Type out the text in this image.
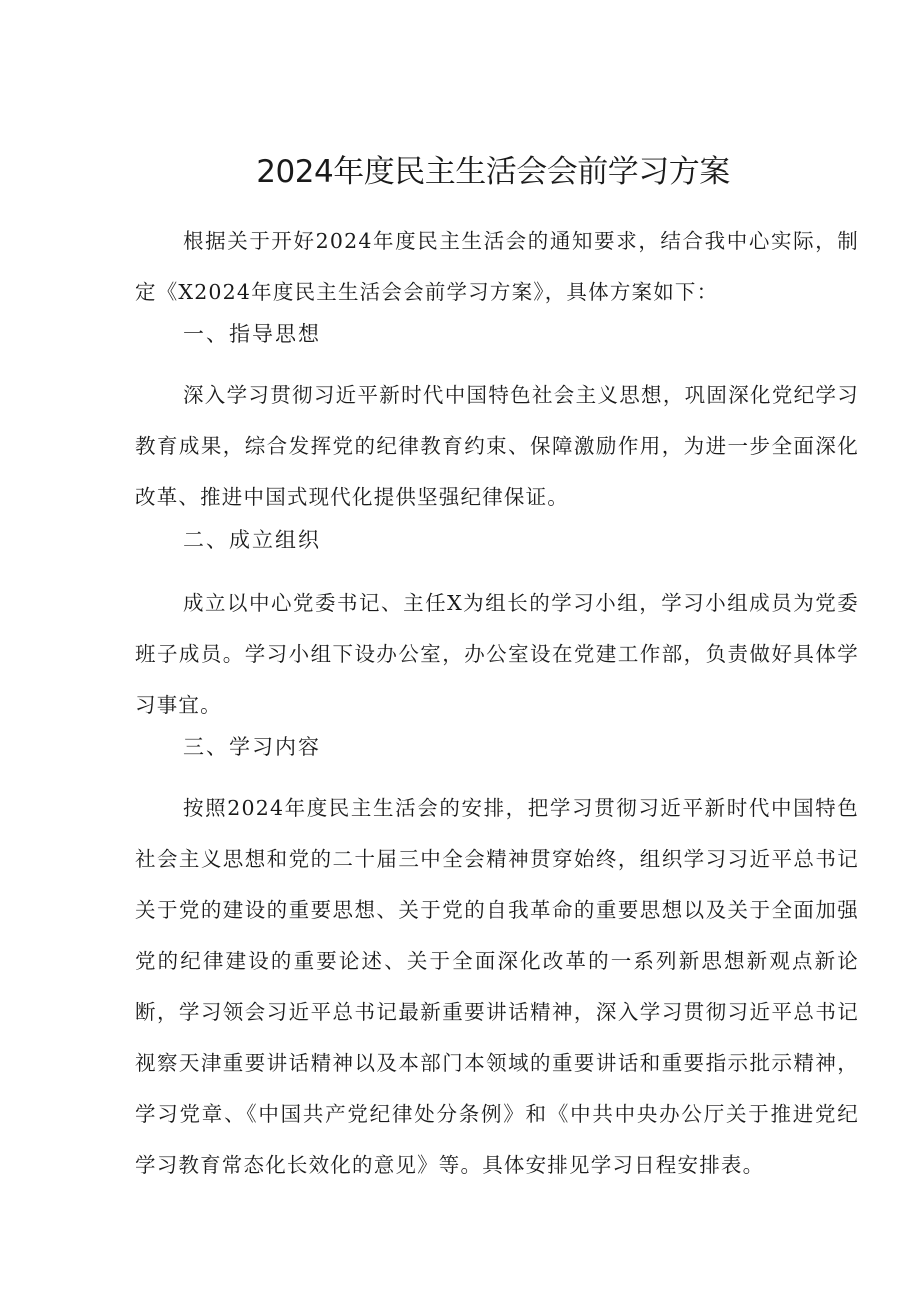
2024年度民主生活会会前学习方案

根据关于开好2024年度民主生活会的通知要求，结合我中心实际，制定《X2024年度民主生活会会前学习方案》，具体方案如下：

一、指导思想

深入学习贯彻习近平新时代中国特色社会主义思想，巩固深化党纪学习教育成果，综合发挥党的纪律教育约束、保障激励作用，为进一步全面深化改革、推进中国式现代化提供坚强纪律保证。

二、成立组织

成立以中心党委书记、主任X为组长的学习小组，学习小组成员为党委班子成员。学习小组下设办公室，办公室设在党建工作部，负责做好具体学习事宜。

三、学习内容

按照2024年度民主生活会的安排，把学习贯彻习近平新时代中国特色社会主义思想和党的二十届三中全会精神贯穿始终，组织学习习近平总书记关于党的建设的重要思想、关于党的自我革命的重要思想以及关于全面加强党的纪律建设的重要论述、关于全面深化改革的一系列新思想新观点新论断，学习领会习近平总书记最新重要讲话精神，深入学习贯彻习近平总书记视察天津重要讲话精神以及本部门本领域的重要讲话和重要指示批示精神，学习党章、《中国共产党纪律处分条例》和《中共中央办公厅关于推进党纪学习教育常态化长效化的意见》等。具体安排见学习日程安排表。
